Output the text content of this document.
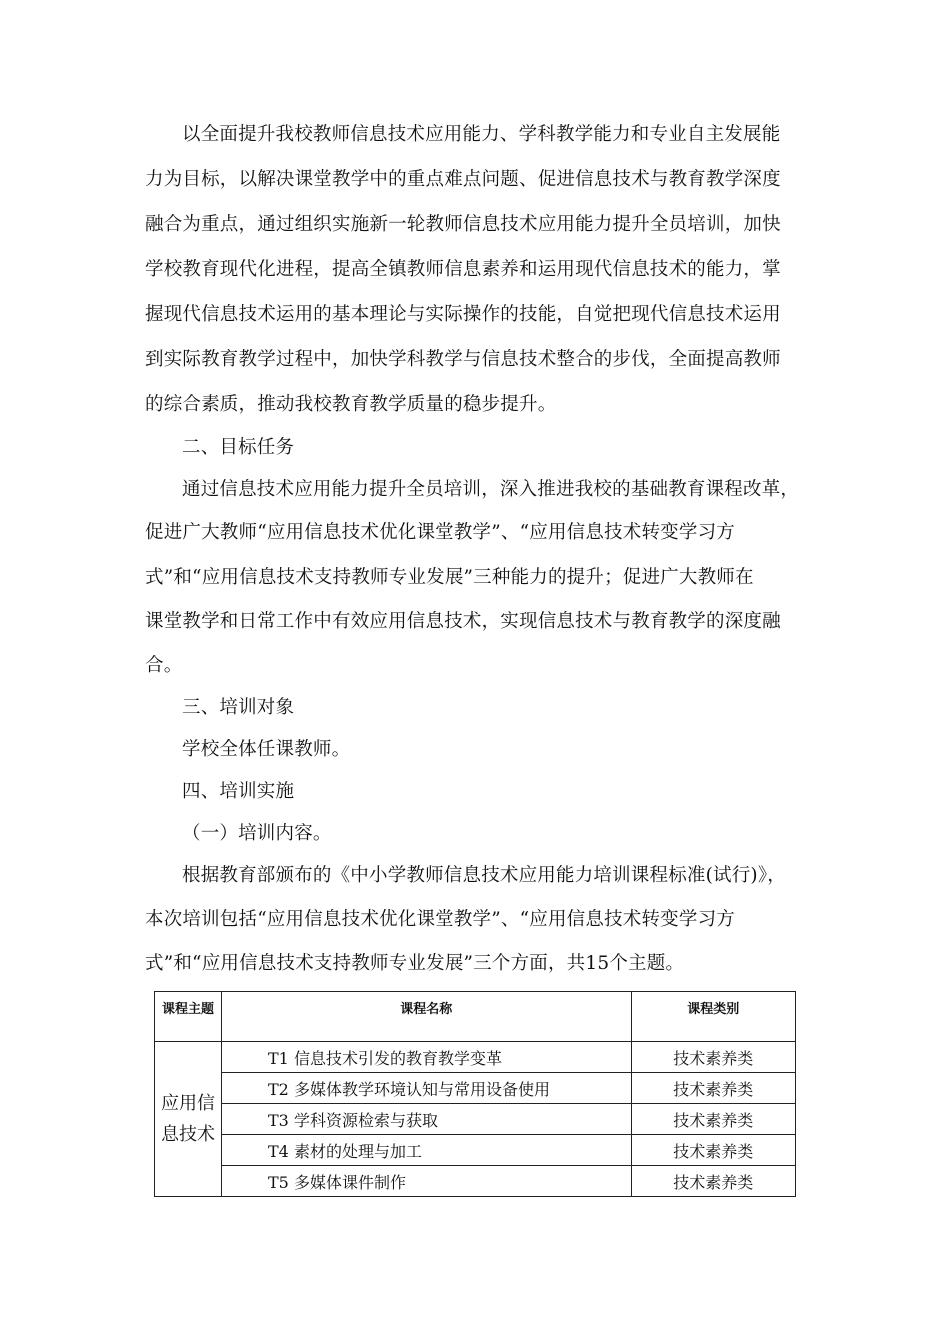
以全面提升我校教师信息技术应用能力、学科教学能力和专业自主发展能
力为目标，以解决课堂教学中的重点难点问题、促进信息技术与教育教学深度
融合为重点，通过组织实施新一轮教师信息技术应用能力提升全员培训，加快
学校教育现代化进程，提高全镇教师信息素养和运用现代信息技术的能力，掌
握现代信息技术运用的基本理论与实际操作的技能，自觉把现代信息技术运用
到实际教育教学过程中，加快学科教学与信息技术整合的步伐，全面提高教师
的综合素质，推动我校教育教学质量的稳步提升。
二、目标任务
通过信息技术应用能力提升全员培训，深入推进我校的基础教育课程改革，
促进广大教师“应用信息技术优化课堂教学”、“应用信息技术转变学习方
式”和“应用信息技术支持教师专业发展”三种能力的提升；促进广大教师在
课堂教学和日常工作中有效应用信息技术，实现信息技术与教育教学的深度融
合。
三、培训对象
学校全体任课教师。
四、培训实施
（一）培训内容。
根据教育部颁布的《中小学教师信息技术应用能力培训课程标准(试行)》，
本次培训包括“应用信息技术优化课堂教学”、“应用信息技术转变学习方
式”和“应用信息技术支持教师专业发展”三个方面，共15个主题。
课程主题	课程名称	课程类别

应用信
息技术	T1 信息技术引发的教育教学变革	技术素养类
	T2 多媒体教学环境认知与常用设备使用	技术素养类
	T3 学科资源检索与获取	技术素养类
	T4 素材的处理与加工	技术素养类
	T5 多媒体课件制作	技术素养类
